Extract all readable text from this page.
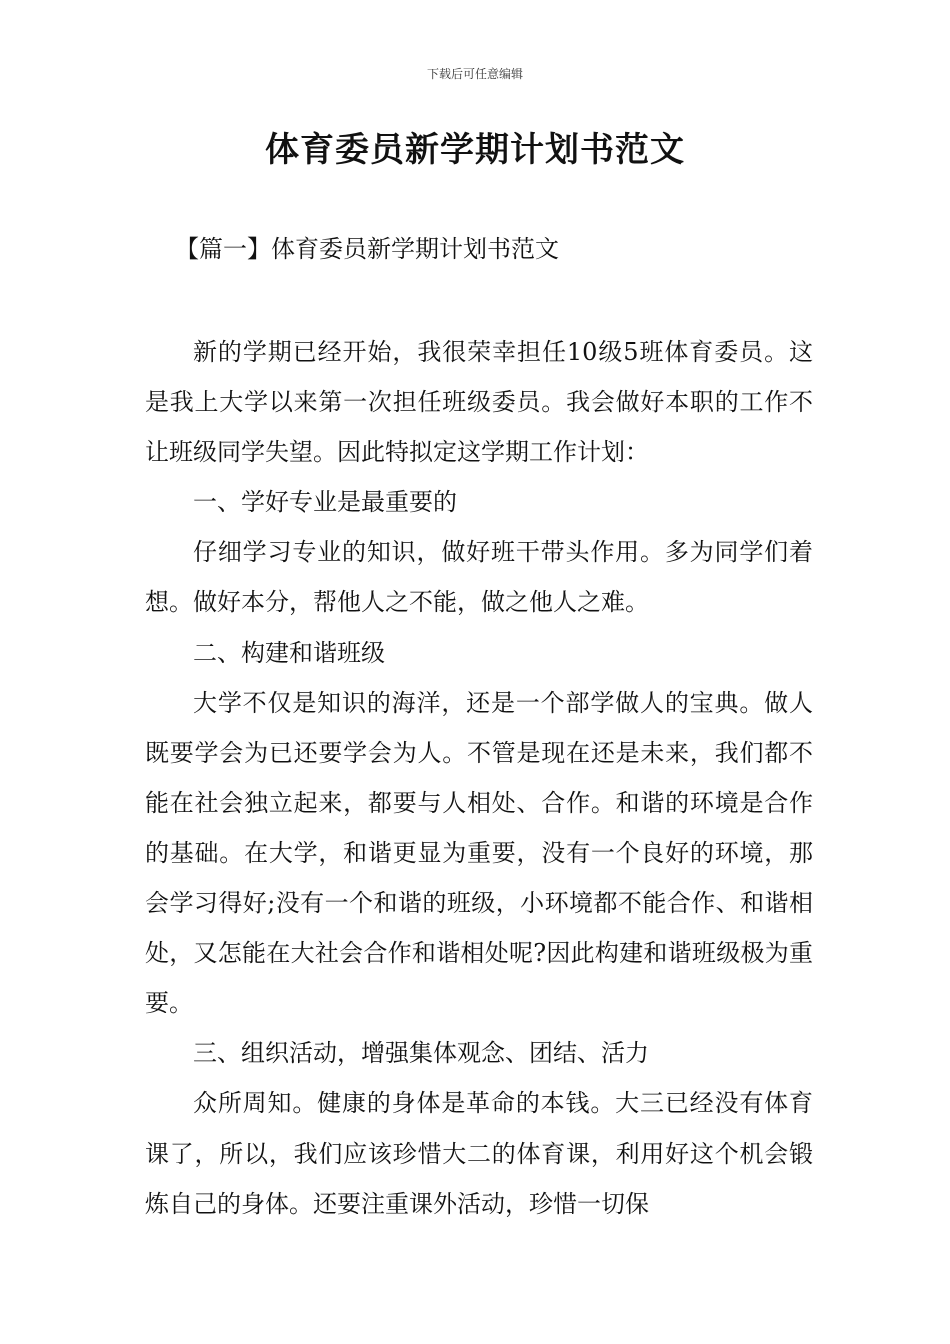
下载后可任意编辑
体育委员新学期计划书范文
【篇一】体育委员新学期计划书范文

新的学期已经开始，我很荣幸担任10级5班体育委员。这是我上大学以来第一次担任班级委员。我会做好本职的工作不让班级同学失望。因此特拟定这学期工作计划：

一、学好专业是最重要的

仔细学习专业的知识，做好班干带头作用。多为同学们着想。做好本分，帮他人之不能，做之他人之难。

二、构建和谐班级

大学不仅是知识的海洋，还是一个部学做人的宝典。做人既要学会为已还要学会为人。不管是现在还是未来，我们都不能在社会独立起来，都要与人相处、合作。和谐的环境是合作的基础。在大学，和谐更显为重要，没有一个良好的环境，那会学习得好;没有一个和谐的班级，小环境都不能合作、和谐相处，又怎能在大社会合作和谐相处呢?因此构建和谐班级极为重要。

三、组织活动，增强集体观念、团结、活力

众所周知。健康的身体是革命的本钱。大三已经没有体育课了，所以，我们应该珍惜大二的体育课，利用好这个机会锻炼自己的身体。还要注重课外活动，珍惜一切保
